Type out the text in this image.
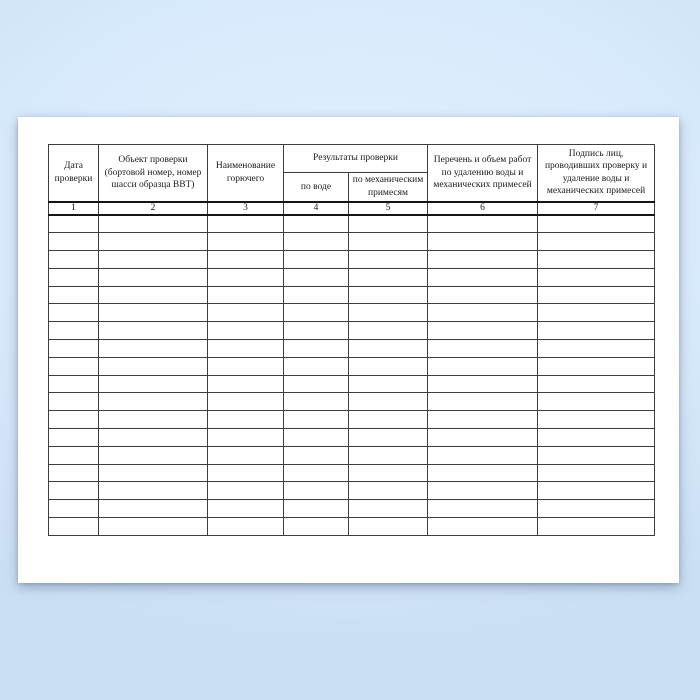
Дата проверки	Объект проверки (бортовой номер, номер шасси образца ВВТ)	Наименование горючего	Результаты проверки		Перечень и объем работ по удалению воды и механических примесей	Подпись лиц, проводивших проверку и удаление воды и механических примесей
			по воде	по механическим примесям		
1	2	3	4	5	6	7
